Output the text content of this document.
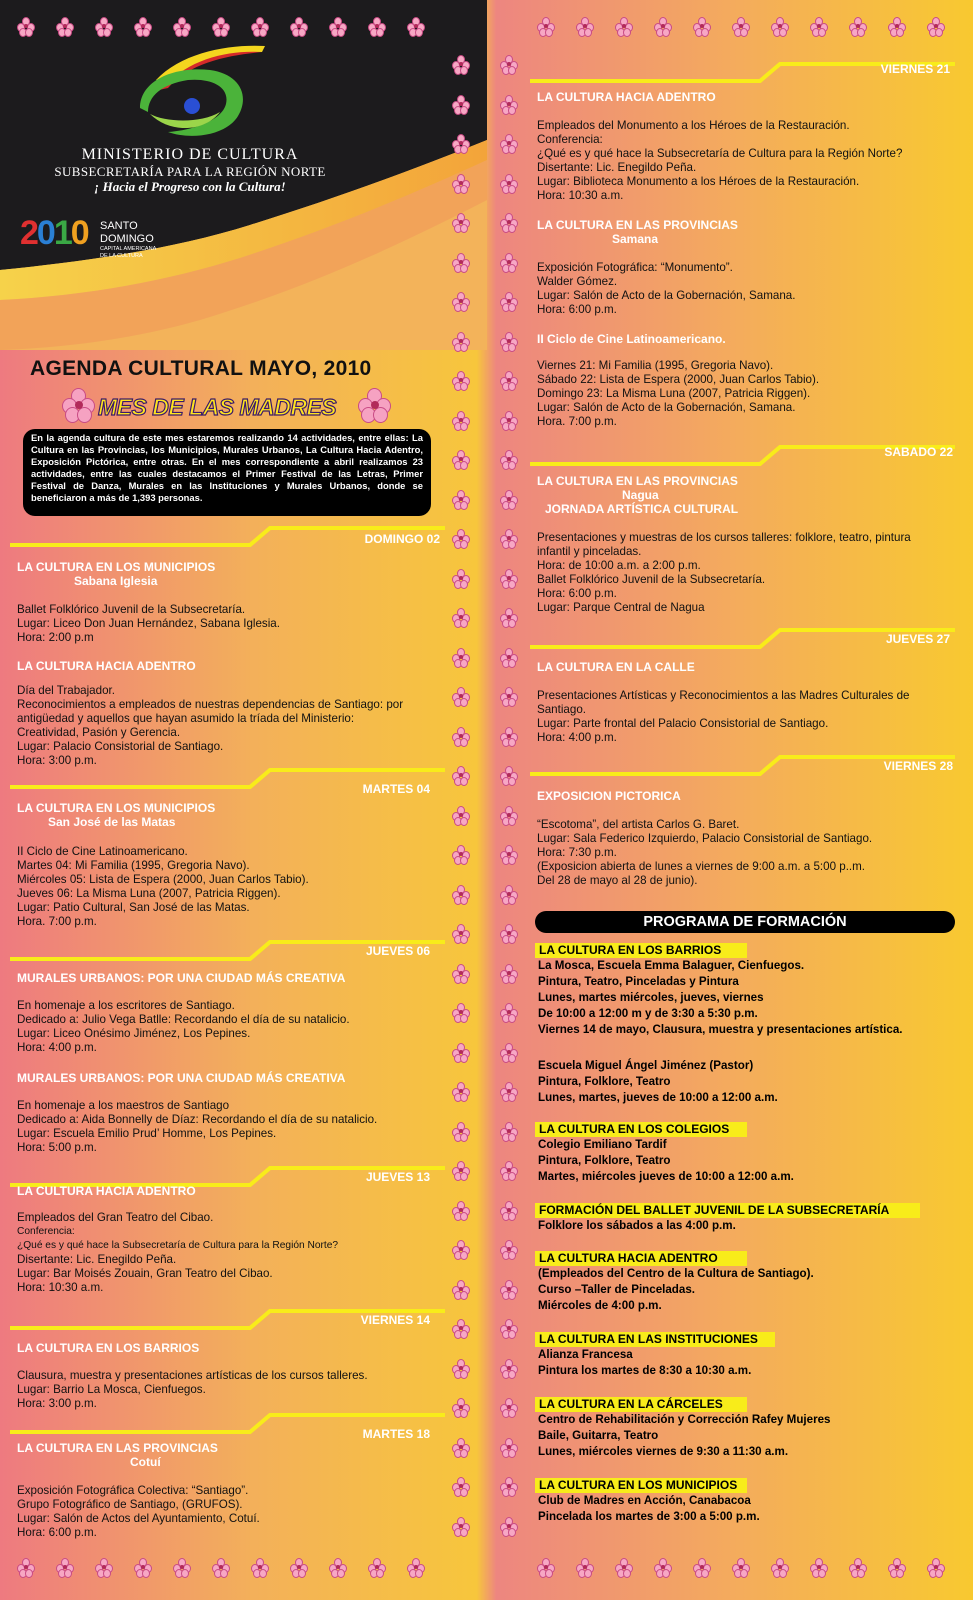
MINISTERIO DE CULTURA
SUBSECRETARÍA PARA LA REGIÓN NORTE
¡ Hacia el Progreso con la Cultura!
2010 SANTO
DOMINGO
CAPITAL AMERICANA
DE LA CULTURA
AGENDA CULTURAL MAYO, 2010
MES DE LAS MADRES
En la agenda cultura de este mes estaremos realizando 14 actividades, entre ellas: La Cultura en las Provincias, los Municipios, Murales Urbanos, La Cultura Hacia Adentro, Exposición Pictórica, entre otras. En el mes correspondiente a abril realizamos 23 actividades, entre las cuales destacamos el Primer Festival de las Letras, Primer Festival de Danza, Murales en las Instituciones y Murales Urbanos, donde se beneficiaron a más de 1,393 personas.
DOMINGO 02
LA CULTURA EN LOS MUNICIPIOS
Sabana Iglesia
Ballet Folklórico Juvenil de la Subsecretaría.
Lugar: Liceo Don Juan Hernández, Sabana Iglesia.
Hora: 2:00 p.m
LA CULTURA HACIA ADENTRO
Día del Trabajador.
Reconocimientos a empleados de nuestras dependencias de Santiago: por
antigüedad y aquellos que hayan asumido la tríada del Ministerio:
Creatividad, Pasión y Gerencia.
Lugar: Palacio Consistorial de Santiago.
Hora: 3:00 p.m.
MARTES 04
LA CULTURA EN LOS MUNICIPIOS
San José de las Matas
II Ciclo de Cine Latinoamericano.
Martes 04: Mi Familia (1995, Gregoria Navo).
Miércoles 05: Lista de Espera (2000, Juan Carlos Tabio).
Jueves 06: La Misma Luna (2007, Patricia Riggen).
Lugar: Patio Cultural, San José de las Matas.
Hora. 7:00 p.m.
JUEVES 06
MURALES URBANOS: POR UNA CIUDAD MÁS CREATIVA
En homenaje a los escritores de Santiago.
Dedicado a: Julio Vega Batlle: Recordando el día de su natalicio.
Lugar: Liceo Onésimo Jiménez, Los Pepines.
Hora: 4:00 p.m.
MURALES URBANOS: POR UNA CIUDAD MÁS CREATIVA
En homenaje a los maestros de Santiago
Dedicado a: Aida Bonnelly de Díaz: Recordando el día de su natalicio.
Lugar: Escuela Emilio Prud’ Homme, Los Pepines.
Hora: 5:00 p.m.
JUEVES 13
LA CULTURA HACIA ADENTRO
Empleados del Gran Teatro del Cibao.
Conferencia:
¿Qué es y qué hace la Subsecretaría de Cultura para la Región Norte?
Disertante: Lic. Enegildo Peña.
Lugar: Bar Moisés Zouain, Gran Teatro del Cibao.
Hora: 10:30 a.m.
VIERNES 14
LA CULTURA EN LOS BARRIOS
Clausura, muestra y presentaciones artísticas de los cursos talleres.
Lugar: Barrio La Mosca, Cienfuegos.
Hora: 3:00 p.m.
MARTES 18
LA CULTURA EN LAS PROVINCIAS
Cotuí
Exposición Fotográfica Colectiva: “Santiago”.
Grupo Fotográfico de Santiago, (GRUFOS).
Lugar: Salón de Actos del Ayuntamiento, Cotuí.
Hora: 6:00 p.m.
VIERNES 21
LA CULTURA HACIA ADENTRO
Empleados del Monumento a los Héroes de la Restauración.
Conferencia:
¿Qué es y qué hace la Subsecretaría de Cultura para la Región Norte?
Disertante: Lic. Enegildo Peña.
Lugar: Biblioteca Monumento a los Héroes de la Restauración.
Hora: 10:30 a.m.
LA CULTURA EN LAS PROVINCIAS
Samana
Exposición Fotográfica: “Monumento”.
Walder Gómez.
Lugar: Salón de Acto de la Gobernación, Samana.
Hora: 6:00 p.m.
II Ciclo de Cine Latinoamericano.
Viernes 21: Mi Familia (1995, Gregoria Navo).
Sábado 22: Lista de Espera (2000, Juan Carlos Tabio).
Domingo 23: La Misma Luna (2007, Patricia Riggen).
Lugar: Salón de Acto de la Gobernación, Samana.
Hora. 7:00 p.m.
SABADO 22
LA CULTURA EN LAS PROVINCIAS
Nagua
JORNADA ARTÍSTICA CULTURAL
Presentaciones y muestras de los cursos talleres: folklore, teatro, pintura
infantil y pinceladas.
Hora: de 10:00 a.m. a 2:00 p.m.
Ballet Folklórico Juvenil de la Subsecretaría.
Hora: 6:00 p.m.
Lugar: Parque Central de Nagua
JUEVES 27
LA CULTURA EN LA CALLE
Presentaciones Artísticas y Reconocimientos a las Madres Culturales de
Santiago.
Lugar: Parte frontal del Palacio Consistorial de Santiago.
Hora: 4:00 p.m.
VIERNES 28
EXPOSICION PICTORICA
“Escotoma”, del artista Carlos G. Baret.
Lugar: Sala Federico Izquierdo, Palacio Consistorial de Santiago.
Hora: 7:30 p.m.
(Exposicion abierta de lunes a viernes de 9:00 a.m. a 5:00 p..m.
Del 28 de mayo al 28 de junio).
PROGRAMA DE FORMACIÓN
LA CULTURA EN LOS BARRIOS
La Mosca, Escuela Emma Balaguer, Cienfuegos.
Pintura, Teatro, Pinceladas y Pintura
Lunes, martes miércoles, jueves, viernes
De 10:00 a 12:00 m y de 3:30 a 5:30 p.m.
Viernes 14 de mayo, Clausura, muestra y presentaciones artística.
Escuela Miguel Ángel Jiménez (Pastor)
Pintura, Folklore, Teatro
Lunes, martes, jueves de 10:00 a 12:00 a.m.
LA CULTURA EN LOS COLEGIOS
Colegio Emiliano Tardif
Pintura, Folklore, Teatro
Martes, miércoles jueves de 10:00 a 12:00 a.m.
FORMACIÓN DEL BALLET JUVENIL DE LA SUBSECRETARÍA
Folklore los sábados a las 4:00 p.m.
LA CULTURA HACIA ADENTRO
(Empleados del Centro de la Cultura de Santiago).
Curso –Taller de Pinceladas.
Miércoles de 4:00 p.m.
LA CULTURA EN LAS INSTITUCIONES
Alianza Francesa
Pintura los martes de 8:30 a 10:30 a.m.
LA CULTURA EN LA CÁRCELES
Centro de Rehabilitación y Corrección Rafey Mujeres
Baile, Guitarra, Teatro
Lunes, miércoles viernes de 9:30 a 11:30 a.m.
LA CULTURA EN LOS MUNICIPIOS
Club de Madres en Acción, Canabacoa
Pincelada los martes de 3:00 a 5:00 p.m.
